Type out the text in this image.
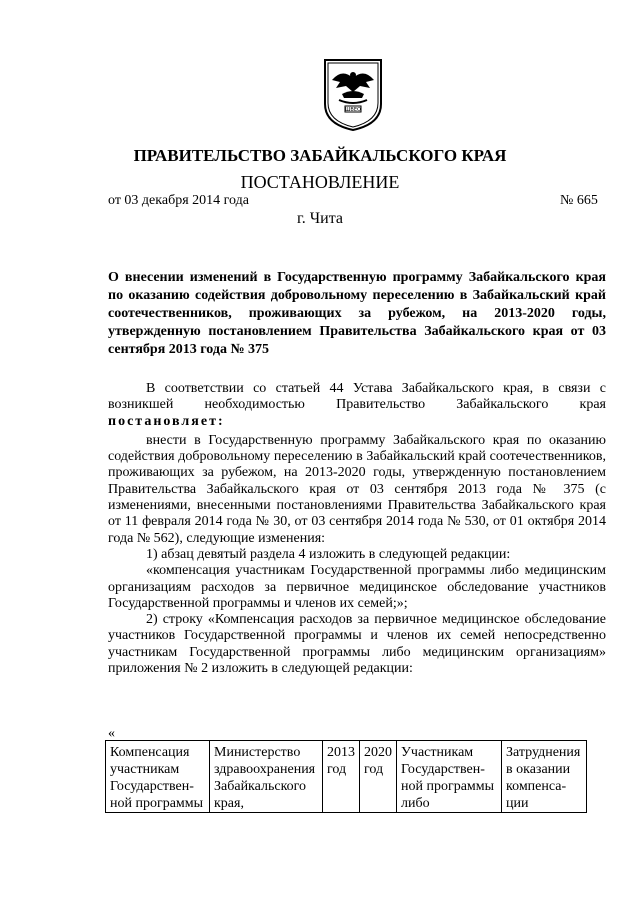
ШВЕО
ПРАВИТЕЛЬСТВО ЗАБАЙКАЛЬСКОГО КРАЯ
ПОСТАНОВЛЕНИЕ
от 03 декабря 2014 года	№ 665
г. Чита
О внесении изменений в Государственную программу Забайкальского края по оказанию содействия добровольному переселению в Забайкальский край соотечественников, проживающих за рубежом, на 2013-2020 годы, утвержденную постановлением Правительства Забайкальского края от 03 сентября 2013 года № 375

В соответствии со статьей 44 Устава Забайкальского края, в связи с возникшей необходимостью Правительство Забайкальского края постановляет:

внести в Государственную программу Забайкальского края по оказанию содействия добровольному переселению в Забайкальский край соотечественников, проживающих за рубежом, на 2013-2020 годы, утвержденную постановлением Правительства Забайкальского края от 03 сентября 2013 года № 375 (с изменениями, внесенными постановлениями Правительства Забайкальского края от 11 февраля 2014 года № 30, от 03 сентября 2014 года № 530, от 01 октября 2014 года № 562), следующие изменения:

1) абзац девятый раздела 4 изложить в следующей редакции:

«компенсация участникам Государственной программы либо медицинским организациям расходов за первичное медицинское обследование участников Государственной программы и членов их семей;»;

2) строку «Компенсация расходов за первичное медицинское обследование участников Государственной программы и членов их семей непосредственно участникам Государственной программы либо медицинским организациям» приложения № 2 изложить в следующей редакции:

«
Компенсация участникам Государствен-ной программы	Министерство здравоохранения Забайкальского края,	2013 год	2020 год	Участникам Государствен-ной программы либо	Затруднения в оказании компенса-ции
